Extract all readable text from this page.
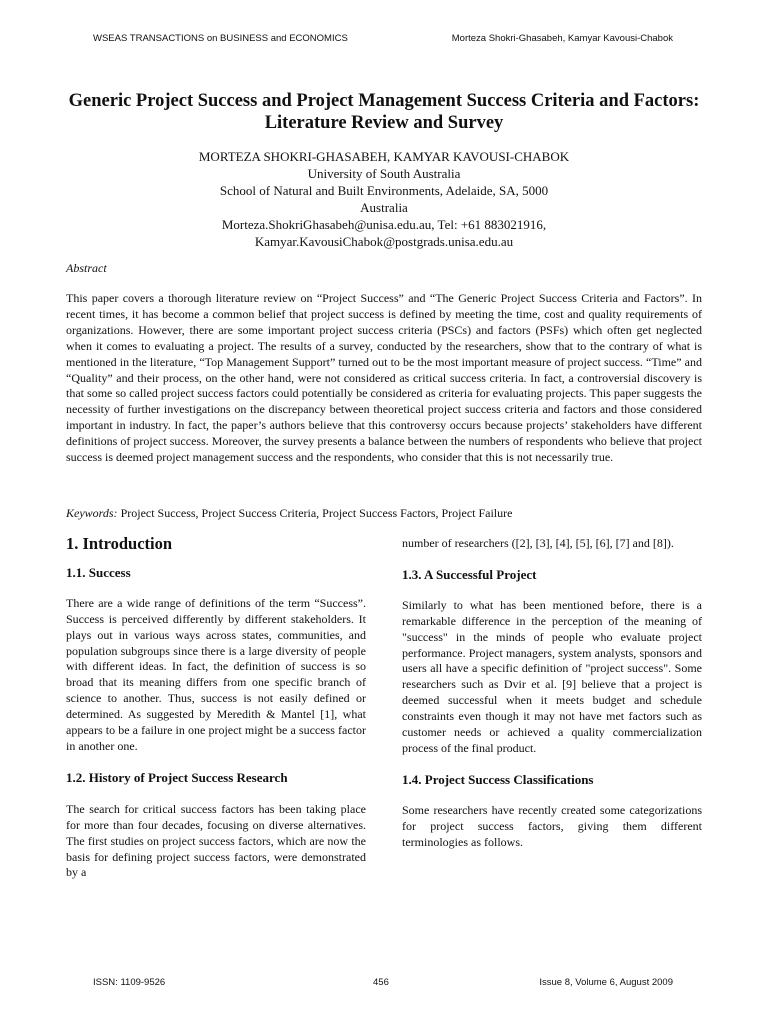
WSEAS TRANSACTIONS on BUSINESS and ECONOMICS	Morteza Shokri-Ghasabeh, Kamyar Kavousi-Chabok
Generic Project Success and Project Management Success Criteria and Factors: Literature Review and Survey
MORTEZA SHOKRI-GHASABEH, KAMYAR KAVOUSI-CHABOK
University of South Australia
School of Natural and Built Environments, Adelaide, SA, 5000
Australia
Morteza.ShokriGhasabeh@unisa.edu.au, Tel: +61 883021916,
Kamyar.KavousiChabok@postgrads.unisa.edu.au
Abstract
This paper covers a thorough literature review on “Project Success” and “The Generic Project Success Criteria and Factors”. In recent times, it has become a common belief that project success is defined by meeting the time, cost and quality requirements of organizations. However, there are some important project success criteria (PSCs) and factors (PSFs) which often get neglected when it comes to evaluating a project. The results of a survey, conducted by the researchers, show that to the contrary of what is mentioned in the literature, “Top Management Support” turned out to be the most important measure of project success. “Time” and “Quality” and their process, on the other hand, were not considered as critical success criteria. In fact, a controversial discovery is that some so called project success factors could potentially be considered as criteria for evaluating projects. This paper suggests the necessity of further investigations on the discrepancy between theoretical project success criteria and factors and those considered important in industry. In fact, the paper’s authors believe that this controversy occurs because projects’ stakeholders have different definitions of project success. Moreover, the survey presents a balance between the numbers of respondents who believe that project success is deemed project management success and the respondents, who consider that this is not necessarily true.
Keywords: Project Success, Project Success Criteria, Project Success Factors, Project Failure
1. Introduction
1.1. Success

There are a wide range of definitions of the term “Success”. Success is perceived differently by different stakeholders. It plays out in various ways across states, communities, and population subgroups since there is a large diversity of people with different ideas. In fact, the definition of success is so broad that its meaning differs from one specific branch of science to another. Thus, success is not easily defined or determined. As suggested by Meredith & Mantel [1], what appears to be a failure in one project might be a success factor in another one.

1.2. History of Project Success Research

The search for critical success factors has been taking place for more than four decades, focusing on diverse alternatives. The first studies on project success factors, which are now the basis for defining project success factors, were demonstrated by a

number of researchers ([2], [3], [4], [5], [6], [7] and [8]).

1.3. A Successful Project

Similarly to what has been mentioned before, there is a remarkable difference in the perception of the meaning of "success" in the minds of people who evaluate project performance. Project managers, system analysts, sponsors and users all have a specific definition of "project success". Some researchers such as Dvir et al. [9] believe that a project is deemed successful when it meets budget and schedule constraints even though it may not have met factors such as customer needs or achieved a quality commercialization process of the final product.

1.4. Project Success Classifications

Some researchers have recently created some categorizations for project success factors, giving them different terminologies as follows.

ISSN: 1109-9526	456	Issue 8, Volume 6, August 2009
